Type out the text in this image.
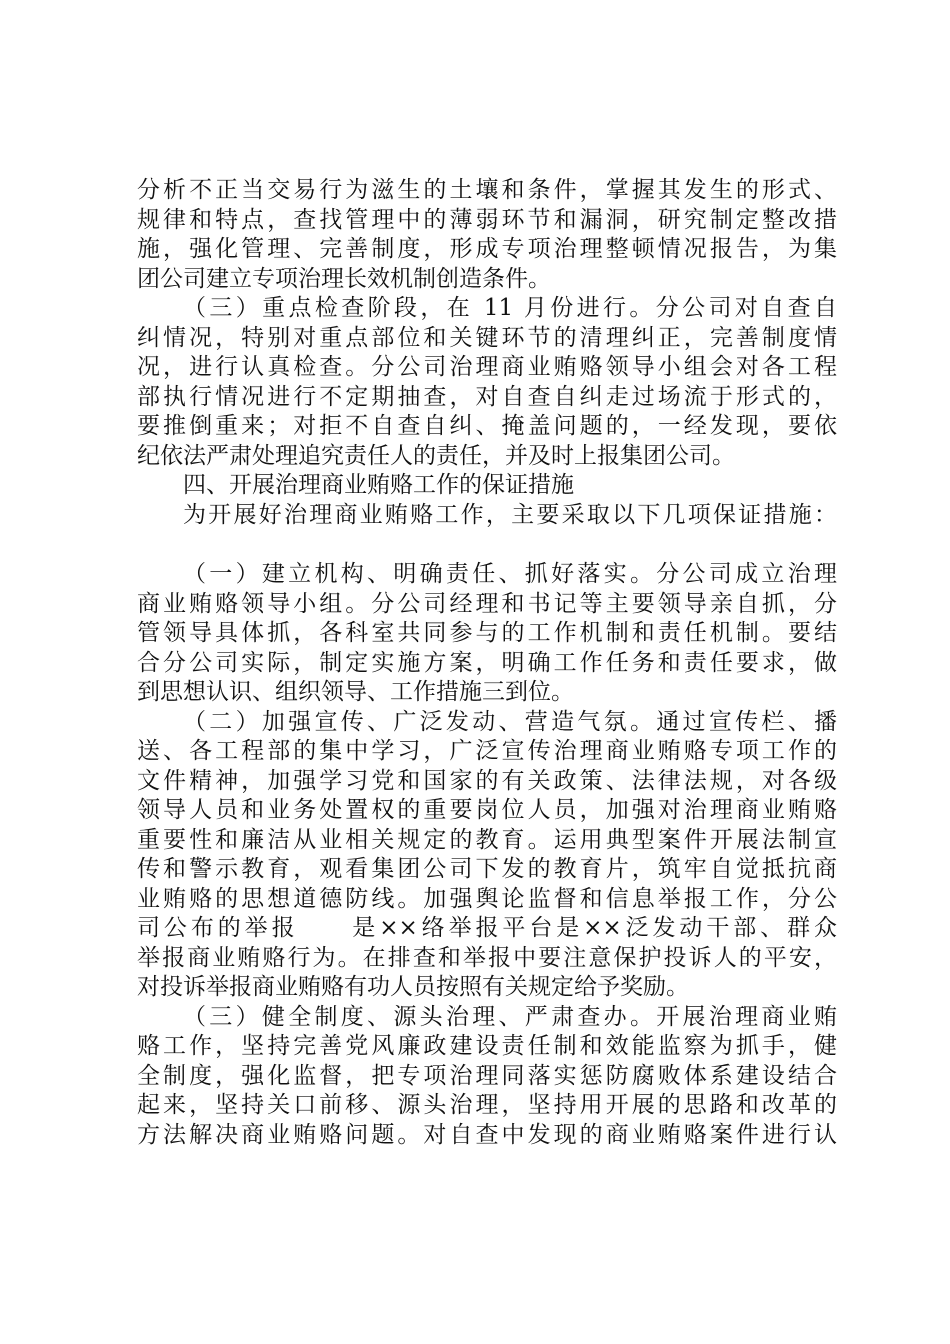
分析不正当交易行为滋生的土壤和条件，掌握其发生的形式、
规律和特点，查找管理中的薄弱环节和漏洞，研究制定整改措
施，强化管理、完善制度，形成专项治理整顿情况报告，为集
团公司建立专项治理长效机制创造条件。
（三）重点检查阶段，在 11 月份进行。分公司对自查自
纠情况，特别对重点部位和关键环节的清理纠正，完善制度情
况，进行认真检查。分公司治理商业贿赂领导小组会对各工程
部执行情况进行不定期抽查，对自查自纠走过场流于形式的，
要推倒重来；对拒不自查自纠、掩盖问题的，一经发现，要依
纪依法严肃处理追究责任人的责任，并及时上报集团公司。
四、开展治理商业贿赂工作的保证措施
为开展好治理商业贿赂工作，主要采取以下几项保证措施：
（一）建立机构、明确责任、抓好落实。分公司成立治理
商业贿赂领导小组。分公司经理和书记等主要领导亲自抓，分
管领导具体抓，各科室共同参与的工作机制和责任机制。要结
合分公司实际，制定实施方案，明确工作任务和责任要求，做
到思想认识、组织领导、工作措施三到位。
（二）加强宣传、广泛发动、营造气氛。通过宣传栏、播
送、各工程部的集中学习，广泛宣传治理商业贿赂专项工作的
文件精神，加强学习党和国家的有关政策、法律法规，对各级
领导人员和业务处置权的重要岗位人员，加强对治理商业贿赂
重要性和廉洁从业相关规定的教育。运用典型案件开展法制宣
传和警示教育，观看集团公司下发的教育片，筑牢自觉抵抗商
业贿赂的思想道德防线。加强舆论监督和信息举报工作，分公
司公布的举报　　是××络举报平台是××泛发动干部、群众
举报商业贿赂行为。在排查和举报中要注意保护投诉人的平安，
对投诉举报商业贿赂有功人员按照有关规定给予奖励。
（三）健全制度、源头治理、严肃查办。开展治理商业贿
赂工作，坚持完善党风廉政建设责任制和效能监察为抓手，健
全制度，强化监督，把专项治理同落实惩防腐败体系建设结合
起来，坚持关口前移、源头治理，坚持用开展的思路和改革的
方法解决商业贿赂问题。对自查中发现的商业贿赂案件进行认
